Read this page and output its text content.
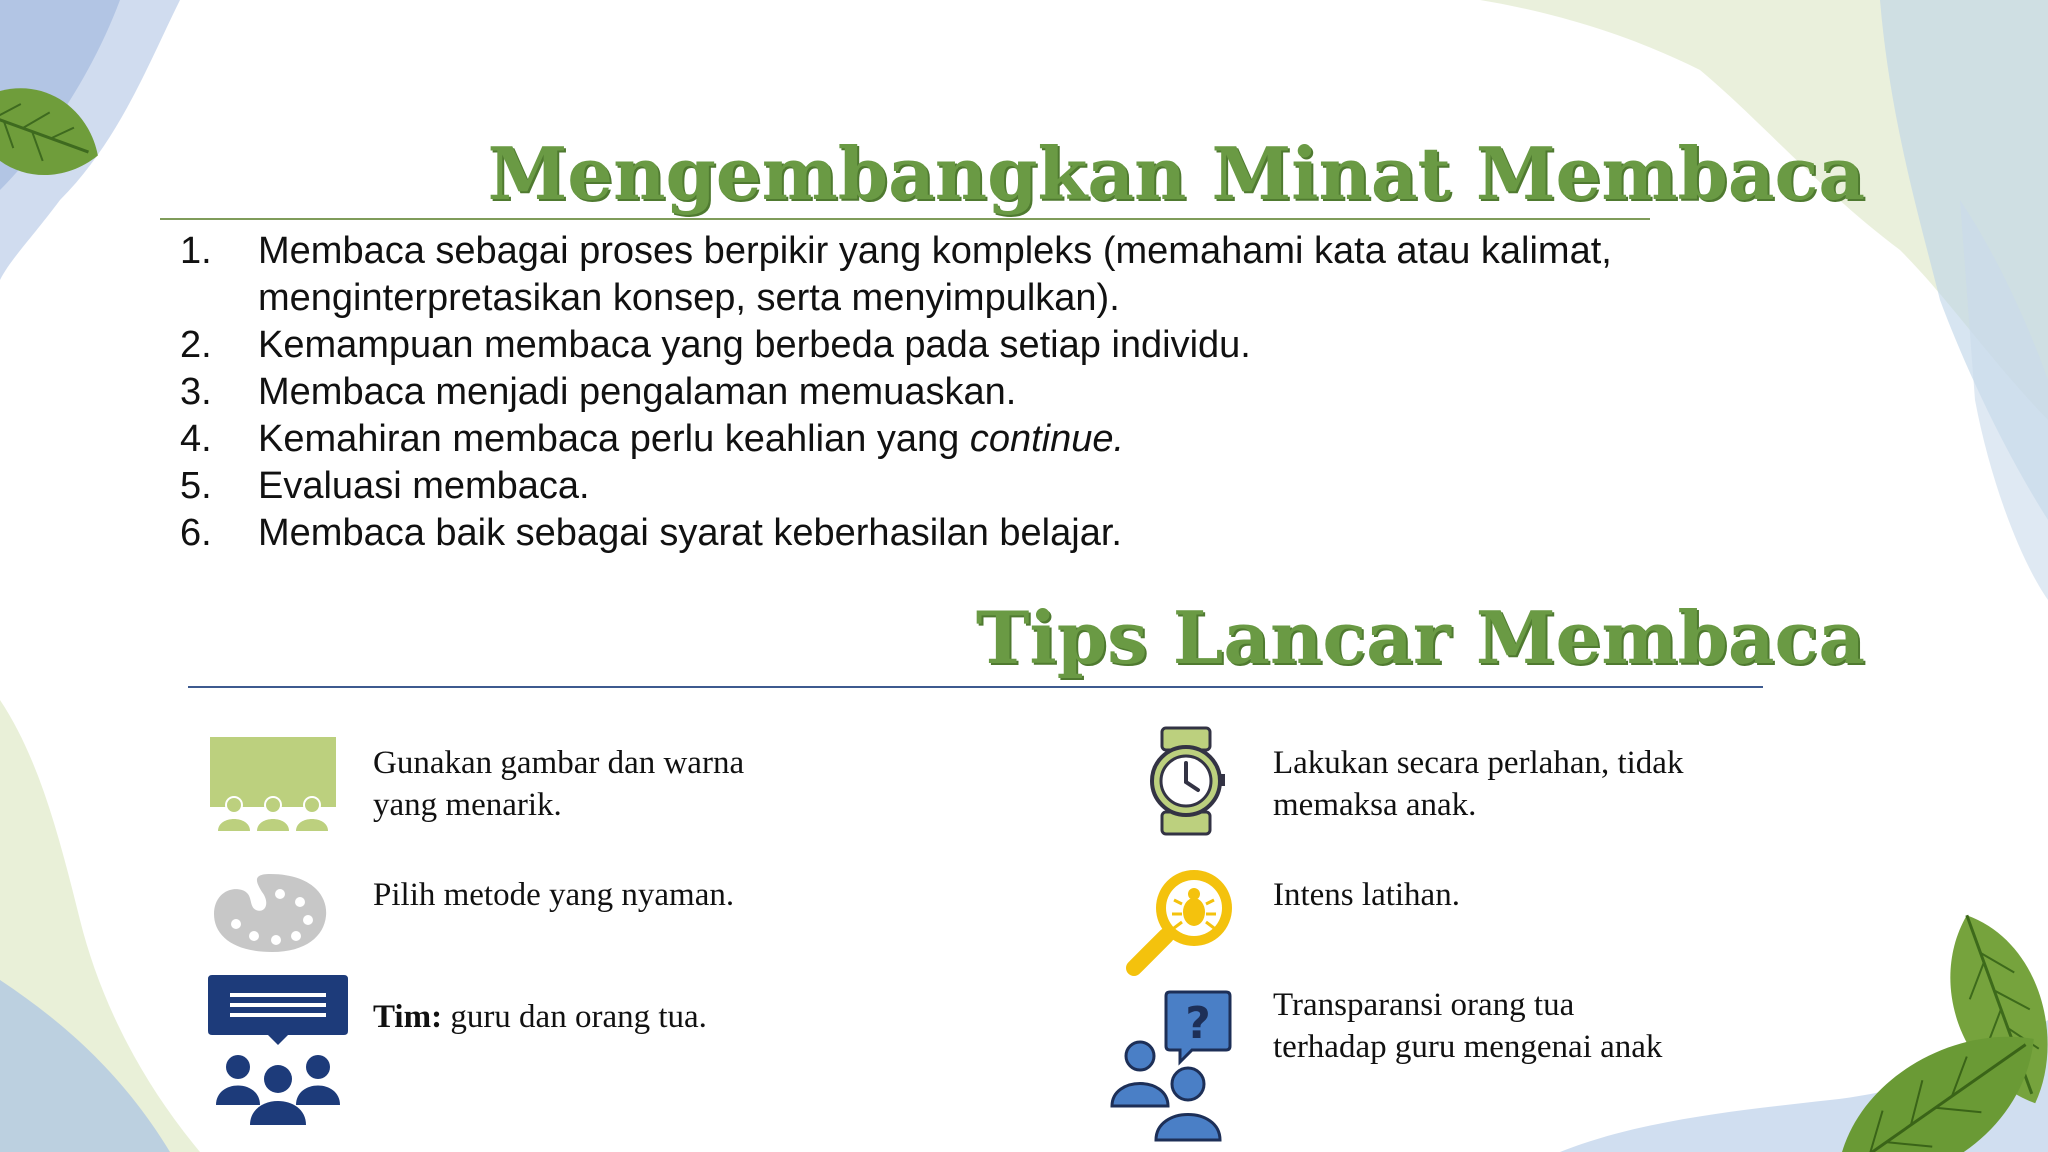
Mengembangkan Minat Membaca
1.	Membaca sebagai proses berpikir yang kompleks (memahami kata atau kalimat, menginterpretasikan konsep, serta menyimpulkan).
2.	Kemampuan membaca yang berbeda pada setiap individu.
3.	Membaca menjadi pengalaman memuaskan.
4.	Kemahiran membaca perlu keahlian yang continue.
5.	Evaluasi membaca.
6.	Membaca baik sebagai syarat keberhasilan belajar.
Tips Lancar Membaca
Gunakan gambar dan warna yang menarik.
Pilih metode yang nyaman.
Tim: guru dan orang tua.
Lakukan secara perlahan, tidak memaksa anak.
Intens latihan.
? Transparansi orang tua terhadap guru mengenai anak
